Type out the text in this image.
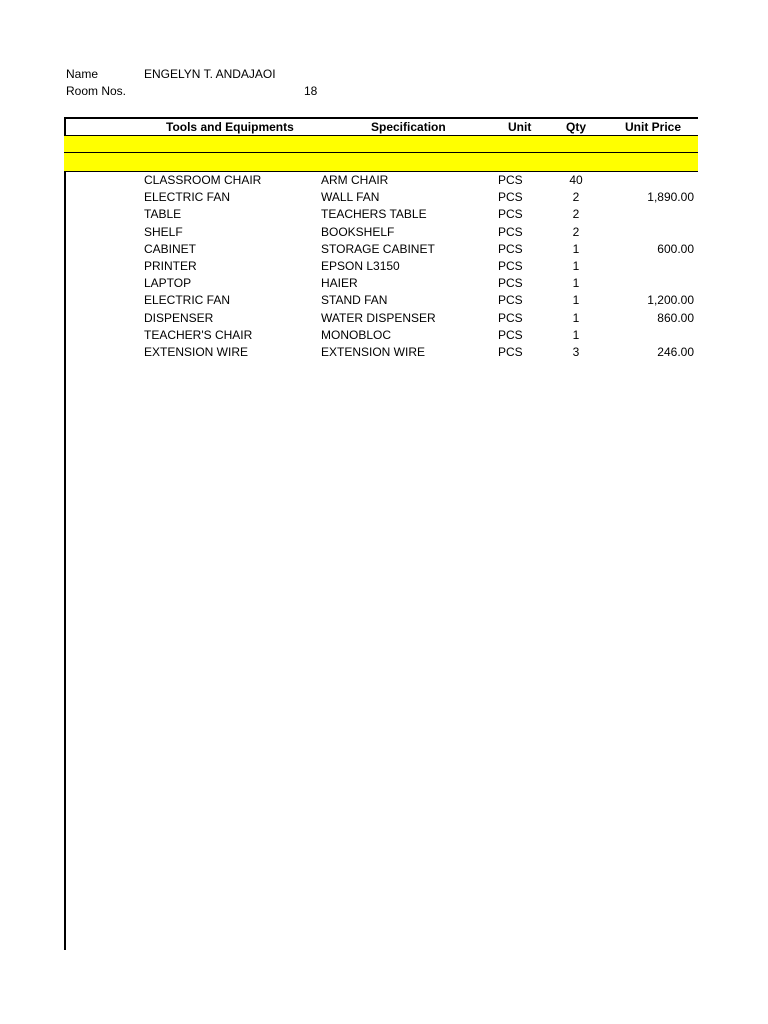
Name	ENGELYN T. ANDAJAOI
Room Nos.	18
Tools and Equipments	Specification	Unit	Qty	Unit Price
CLASSROOM CHAIR	ARM CHAIR	PCS	40
ELECTRIC FAN	WALL FAN	PCS	2	1,890.00
TABLE	TEACHERS TABLE	PCS	2
SHELF	BOOKSHELF	PCS	2
CABINET	STORAGE CABINET	PCS	1	600.00
PRINTER	EPSON L3150	PCS	1
LAPTOP	HAIER	PCS	1
ELECTRIC FAN	STAND FAN	PCS	1	1,200.00
DISPENSER	WATER DISPENSER	PCS	1	860.00
TEACHER'S CHAIR	MONOBLOC	PCS	1
EXTENSION WIRE	EXTENSION WIRE	PCS	3	246.00
